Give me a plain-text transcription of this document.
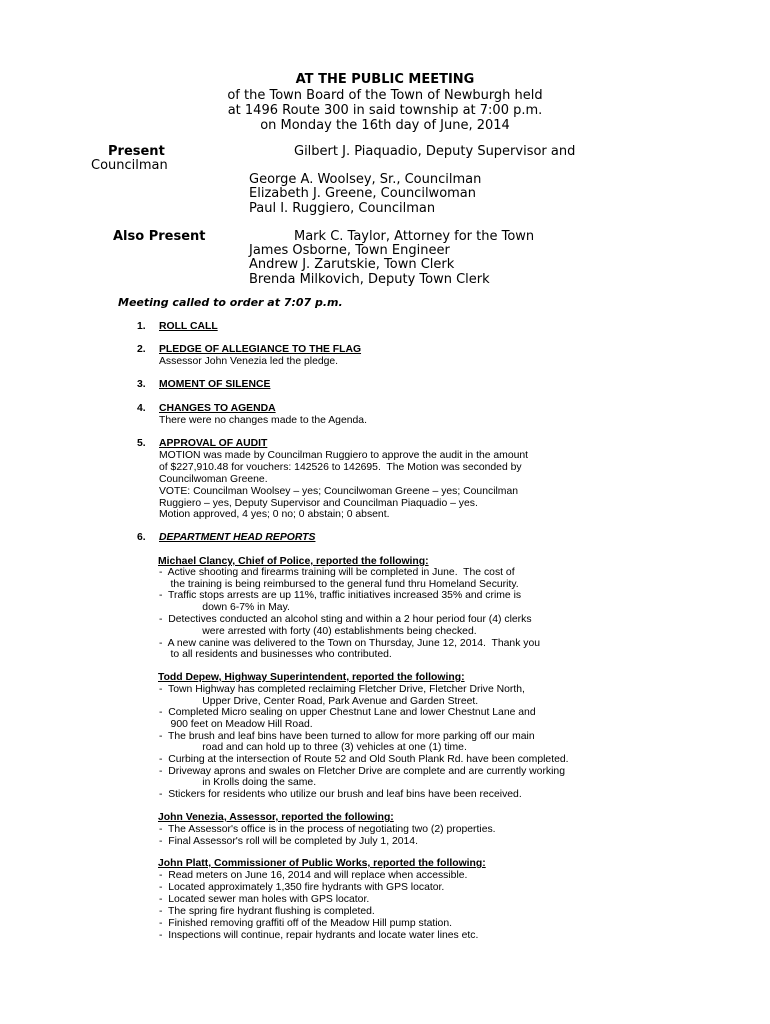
AT THE PUBLIC MEETING
of the Town Board of the Town of Newburgh held
at 1496 Route 300 in said township at 7:00 p.m.
on Monday the 16th day of June, 2014
Present	Gilbert J. Piaquadio, Deputy Supervisor and
Councilman
George A. Woolsey, Sr., Councilman
Elizabeth J. Greene, Councilwoman
Paul I. Ruggiero, Councilman
Also Present	Mark C. Taylor, Attorney for the Town
James Osborne, Town Engineer
Andrew J. Zarutskie, Town Clerk
Brenda Milkovich, Deputy Town Clerk
Meeting called to order at 7:07 p.m.
1. ROLL CALL
2. PLEDGE OF ALLEGIANCE TO THE FLAG
Assessor John Venezia led the pledge.
3. MOMENT OF SILENCE
4. CHANGES TO AGENDA
There were no changes made to the Agenda.
5. APPROVAL OF AUDIT
MOTION was made by Councilman Ruggiero to approve the audit in the amount
of $227,910.48 for vouchers: 142526 to 142695.  The Motion was seconded by
Councilwoman Greene.
VOTE: Councilman Woolsey – yes; Councilwoman Greene – yes; Councilman
Ruggiero – yes, Deputy Supervisor and Councilman Piaquadio – yes.
Motion approved, 4 yes; 0 no; 0 abstain; 0 absent.
6. DEPARTMENT HEAD REPORTS
Michael Clancy, Chief of Police, reported the following:
-  Active shooting and firearms training will be completed in June.  The cost of
the training is being reimbursed to the general fund thru Homeland Security.
-  Traffic stops arrests are up 11%, traffic initiatives increased 35% and crime is
down 6-7% in May.
-  Detectives conducted an alcohol sting and within a 2 hour period four (4) clerks
were arrested with forty (40) establishments being checked.
-  A new canine was delivered to the Town on Thursday, June 12, 2014.  Thank you
to all residents and businesses who contributed.
Todd Depew, Highway Superintendent, reported the following:
-  Town Highway has completed reclaiming Fletcher Drive, Fletcher Drive North,
Upper Drive, Center Road, Park Avenue and Garden Street.
-  Completed Micro sealing on upper Chestnut Lane and lower Chestnut Lane and
900 feet on Meadow Hill Road.
-  The brush and leaf bins have been turned to allow for more parking off our main
road and can hold up to three (3) vehicles at one (1) time.
-  Curbing at the intersection of Route 52 and Old South Plank Rd. have been completed.
-  Driveway aprons and swales on Fletcher Drive are complete and are currently working
in Krolls doing the same.
-  Stickers for residents who utilize our brush and leaf bins have been received.
John Venezia, Assessor, reported the following:
-  The Assessor's office is in the process of negotiating two (2) properties.
-  Final Assessor's roll will be completed by July 1, 2014.
John Platt, Commissioner of Public Works, reported the following:
-  Read meters on June 16, 2014 and will replace when accessible.
-  Located approximately 1,350 fire hydrants with GPS locator.
-  Located sewer man holes with GPS locator.
-  The spring fire hydrant flushing is completed.
-  Finished removing graffiti off of the Meadow Hill pump station.
-  Inspections will continue, repair hydrants and locate water lines etc.
